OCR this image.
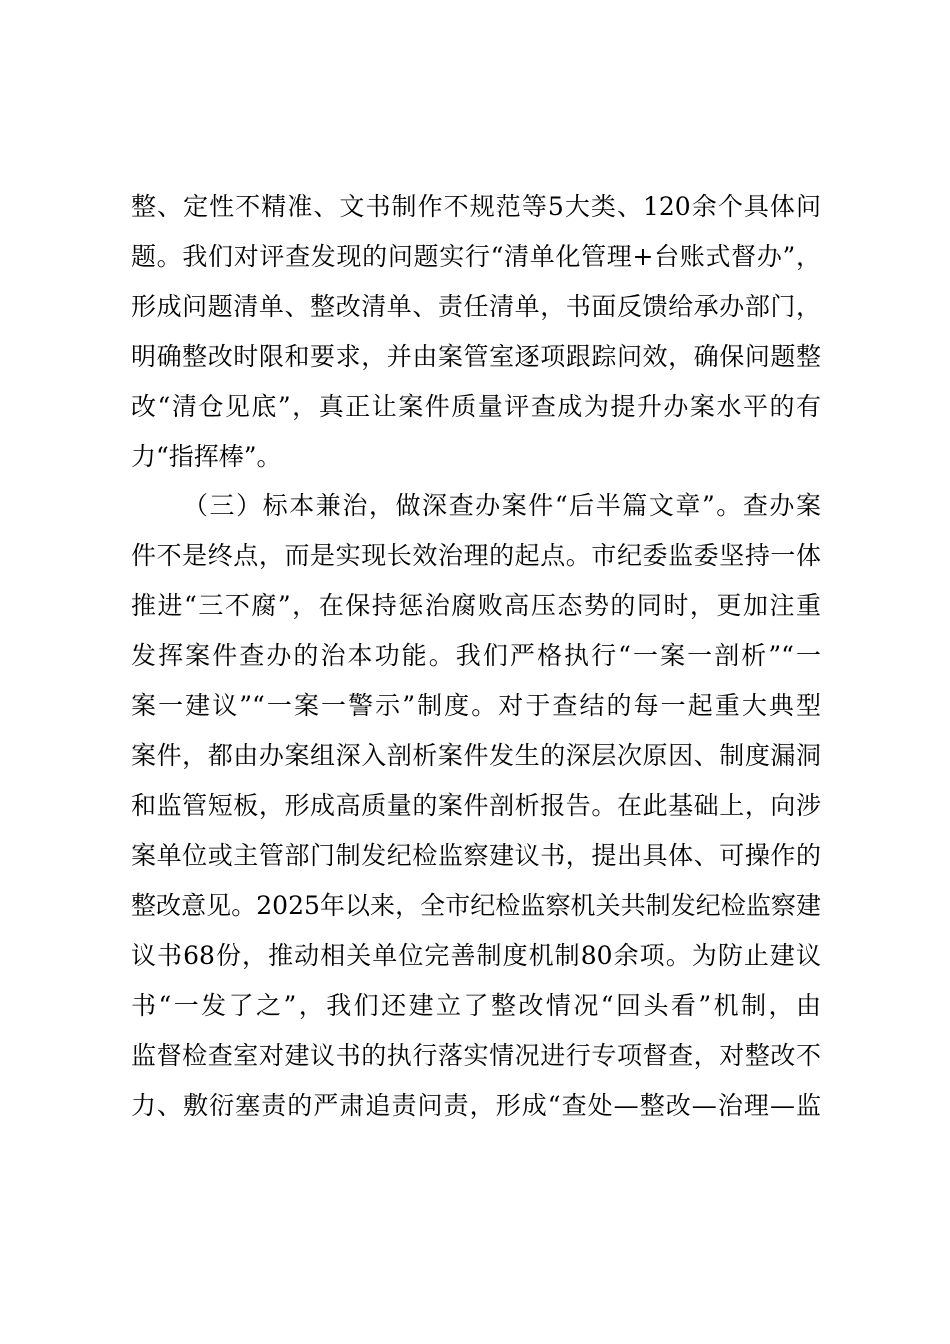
整、定性不精准、文书制作不规范等5大类、120余个具体问
题。我们对评查发现的问题实行“清单化管理+台账式督办”，
形成问题清单、整改清单、责任清单，书面反馈给承办部门，
明确整改时限和要求，并由案管室逐项跟踪问效，确保问题整
改“清仓见底”，真正让案件质量评查成为提升办案水平的有
力“指挥棒”。
（三）标本兼治，做深查办案件“后半篇文章”。查办案
件不是终点，而是实现长效治理的起点。市纪委监委坚持一体
推进“三不腐”，在保持惩治腐败高压态势的同时，更加注重
发挥案件查办的治本功能。我们严格执行“一案一剖析”“一
案一建议”“一案一警示”制度。对于查结的每一起重大典型
案件，都由办案组深入剖析案件发生的深层次原因、制度漏洞
和监管短板，形成高质量的案件剖析报告。在此基础上，向涉
案单位或主管部门制发纪检监察建议书，提出具体、可操作的
整改意见。2025年以来，全市纪检监察机关共制发纪检监察建
议书68份，推动相关单位完善制度机制80余项。为防止建议
书“一发了之”，我们还建立了整改情况“回头看”机制，由
监督检查室对建议书的执行落实情况进行专项督查，对整改不
力、敷衍塞责的严肃追责问责，形成“查处—整改—治理—监
